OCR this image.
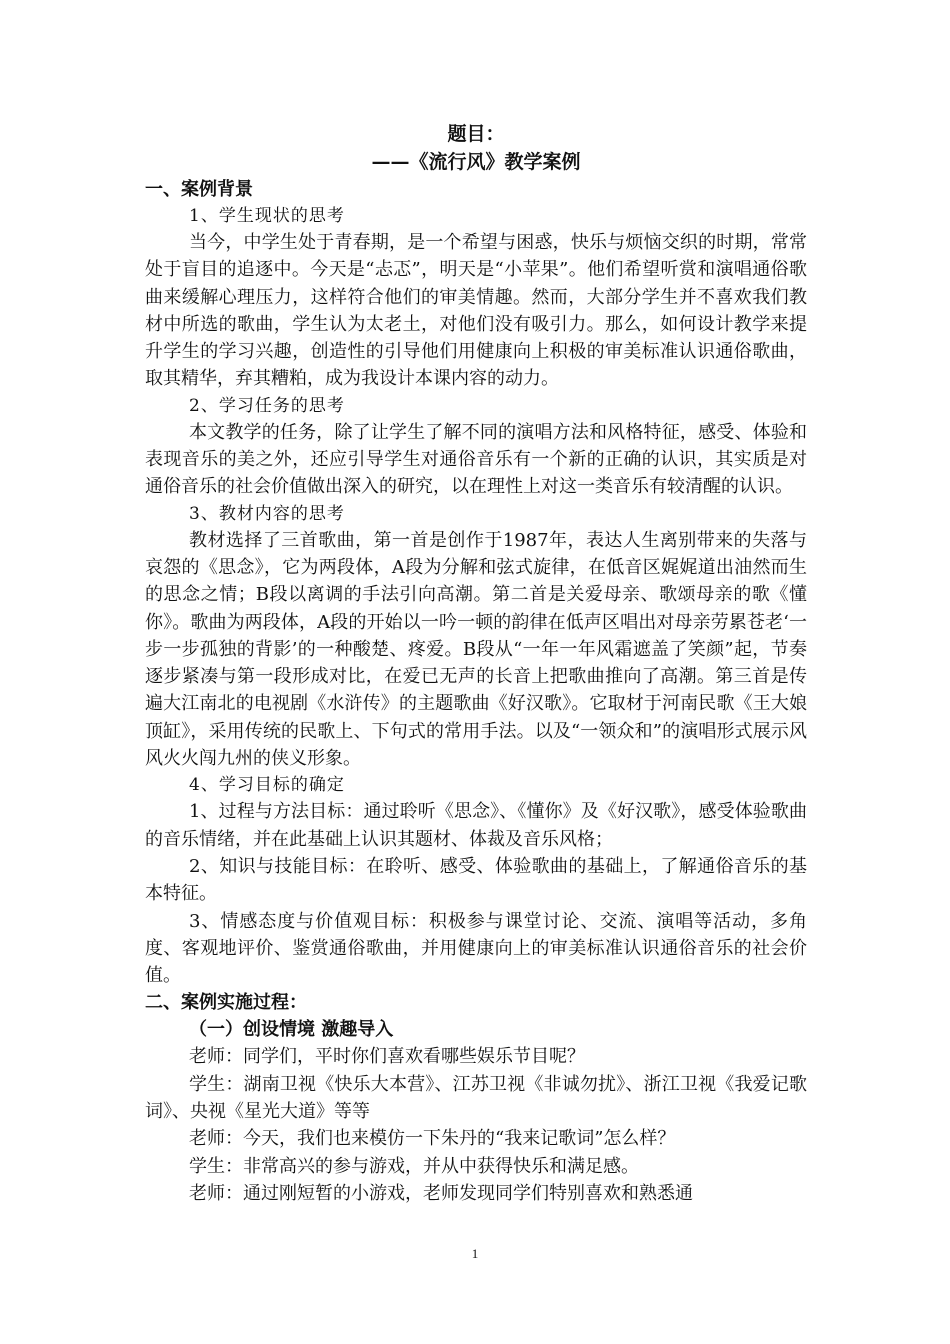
题目：

——《流行风》教学案例

一、案例背景

1、学生现状的思考

当今，中学生处于青春期，是一个希望与困惑，快乐与烦恼交织的时期，常常处于盲目的追逐中。今天是“忐忑”，明天是“小苹果”。他们希望听赏和演唱通俗歌曲来缓解心理压力，这样符合他们的审美情趣。然而，大部分学生并不喜欢我们教材中所选的歌曲，学生认为太老土，对他们没有吸引力。那么，如何设计教学来提升学生的学习兴趣，创造性的引导他们用健康向上积极的审美标准认识通俗歌曲，取其精华，弃其糟粕，成为我设计本课内容的动力。

2、学习任务的思考

本文教学的任务，除了让学生了解不同的演唱方法和风格特征，感受、体验和表现音乐的美之外，还应引导学生对通俗音乐有一个新的正确的认识，其实质是对通俗音乐的社会价值做出深入的研究，以在理性上对这一类音乐有较清醒的认识。

3、教材内容的思考

教材选择了三首歌曲，第一首是创作于1987年，表达人生离别带来的失落与哀怨的《思念》，它为两段体，A段为分解和弦式旋律，在低音区娓娓道出油然而生的思念之情；B段以离调的手法引向高潮。第二首是关爱母亲、歌颂母亲的歌《懂你》。歌曲为两段体，A段的开始以一吟一顿的韵律在低声区唱出对母亲劳累苍老‘一步一步孤独的背影’的一种酸楚、疼爱。B段从“一年一年风霜遮盖了笑颜”起，节奏逐步紧凑与第一段形成对比，在爱已无声的长音上把歌曲推向了高潮。第三首是传遍大江南北的电视剧《水浒传》的主题歌曲《好汉歌》。它取材于河南民歌《王大娘顶缸》，采用传统的民歌上、下句式的常用手法。以及“一领众和”的演唱形式展示风风火火闯九州的侠义形象。

4、学习目标的确定

1、过程与方法目标：通过聆听《思念》、《懂你》及《好汉歌》，感受体验歌曲的音乐情绪，并在此基础上认识其题材、体裁及音乐风格；

2、知识与技能目标：在聆听、感受、体验歌曲的基础上，了解通俗音乐的基本特征。

3、情感态度与价值观目标：积极参与课堂讨论、交流、演唱等活动，多角度、客观地评价、鉴赏通俗歌曲，并用健康向上的审美标准认识通俗音乐的社会价值。

二、案例实施过程：

（一）创设情境 激趣导入

老师：同学们，平时你们喜欢看哪些娱乐节目呢？

学生：湖南卫视《快乐大本营》、江苏卫视《非诚勿扰》、浙江卫视《我爱记歌词》、央视《星光大道》等等

老师：今天，我们也来模仿一下朱丹的“我来记歌词”怎么样？

学生：非常高兴的参与游戏，并从中获得快乐和满足感。

老师：通过刚短暂的小游戏，老师发现同学们特别喜欢和熟悉通

1
